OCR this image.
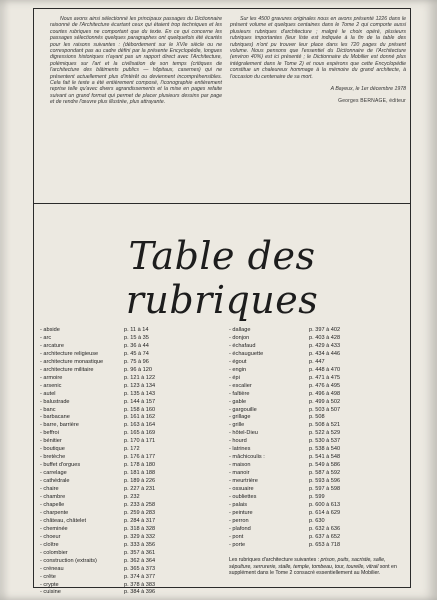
Nous avons ainsi sélectionné les principaux passages du Dictionnaire raisonné de l'Architecture écartant ceux qui étaient trop techniques et les courtes rubriques ne comportant que du texte. En ce qui concerne les passages sélectionnés quelques paragraphes ont quelquefois été écartés pour les raisons suivantes : (débordement sur le XVIe siècle ou ne correspondant pas au cadre défini par la présente Encyclopédie, longues digressions historiques n'ayant pas un rapport direct avec l'Architecture, polémiques sur l'art et la civilisation de son temps (critiques de l'architecture des bâtiments publics — hôpitaux, casernes) qui ne présentent actuellement plus d'intérêt ou deviennent incompréhensibles. Cela fait le texte a été entièrement composé, l'iconographie entièrement reprise telle qu'avec divers agrandissements et la mise en pages refaite suivant un grand format qui permet de placer plusieurs dessins par page et de rendre l'œuvre plus illustrée, plus attrayante.

Sur les 4500 gravures originales nous en avons présenté 1226 dans le présent volume et quelques centaines dans le Tome 2 qui comporte aussi plusieurs rubriques d'architecture ; malgré le choix opéré, plusieurs rubriques importantes (leur liste est indiquée à la fin de la table des rubriques) n'ont pu trouver leur place dans les 720 pages du présent volume. Nous pensons que l'essentiel du Dictionnaire de l'Architecture (environ 40%) est ici présenté ; le Dictionnaire du Mobilier est donné plus intégralement dans le Tome 2) et nous espérons que cette Encyclopédie constitue un chaleureux hommage à la mémoire du grand architecte, à l'occasion du centenaire de sa mort.

A Bayeux, le 1er décembre 1978

Georges BERNAGE, éditeur

Table des rubriques
- abside	p. 11 à 14
- arc	p. 15 à 35
- arcature	p. 36 à 44
- architecture religieuse	p. 45 à 74
- architecture monastique	p. 75 à 96
- architecture militaire	p. 96 à 120
- armoire	p. 121 à 122
- arsenic	p. 123 à 134
- autel	p. 135 à 143
- balustrade	p. 144 à 157
- banc	p. 158 à 160
- barbacane	p. 161 à 162
- barre, barrière	p. 163 à 164
- beffroi	p. 165 à 169
- bénitier	p. 170 à 171
- boutique	p. 172
- bretèche	p. 176 à 177
- buffet d'orgues	p. 178 à 180
- carrelage	p. 181 à 188
- cathédrale	p. 189 à 226
- chaire	p. 227 à 231
- chambre	p. 232
- chapelle	p. 233 à 258
- charpente	p. 259 à 283
- château, châtelet	p. 284 à 317
- cheminée	p. 318 à 328
- choeur	p. 329 à 332
- cloître	p. 333 à 356
- colombier	p. 357 à 361
- construction (extraits)	p. 362 à 364
- créneau	p. 365 à 373
- crête	p. 374 à 377
- crypte	p. 378 à 383
- cuisine	p. 384 à 396
- dallage	p. 397 à 402
- donjon	p. 403 à 428
- échafaud	p. 429 à 433
- échauguette	p. 434 à 446
- égout	p. 447
- engin	p. 448 à 470
- épi	p. 471 à 475
- escalier	p. 476 à 495
- faîtière	p. 496 à 498
- gable	p. 499 à 502
- gargouille	p. 503 à 507
- grillage	p. 508
- grille	p. 508 à 521
- hôtel-Dieu	p. 522 à 529
- hourd	p. 530 à 537
- latrines	p. 538 à 540
- mâchicoulis :	p. 541 à 548
- maison	p. 549 à 586
- manoir	p. 587 à 592
- meurtrière	p. 593 à 596
- ossuaire	p. 597 à 598
- oubliettes	p. 599
- palais	p. 600 à 613
- peinture	p. 614 à 629
- perron	p. 630
- plafond	p. 632 à 636
- pont	p. 637 à 652
- porte	p. 653 à 718

Les rubriques d'architecture suivantes : prison, puits, sacristie, salle, sépulture, serrurerie, stalle, temple, tombeau, tour, tourelle, vitrail sont en supplément dans le Tome 2 consacré essentiellement au Mobilier.
